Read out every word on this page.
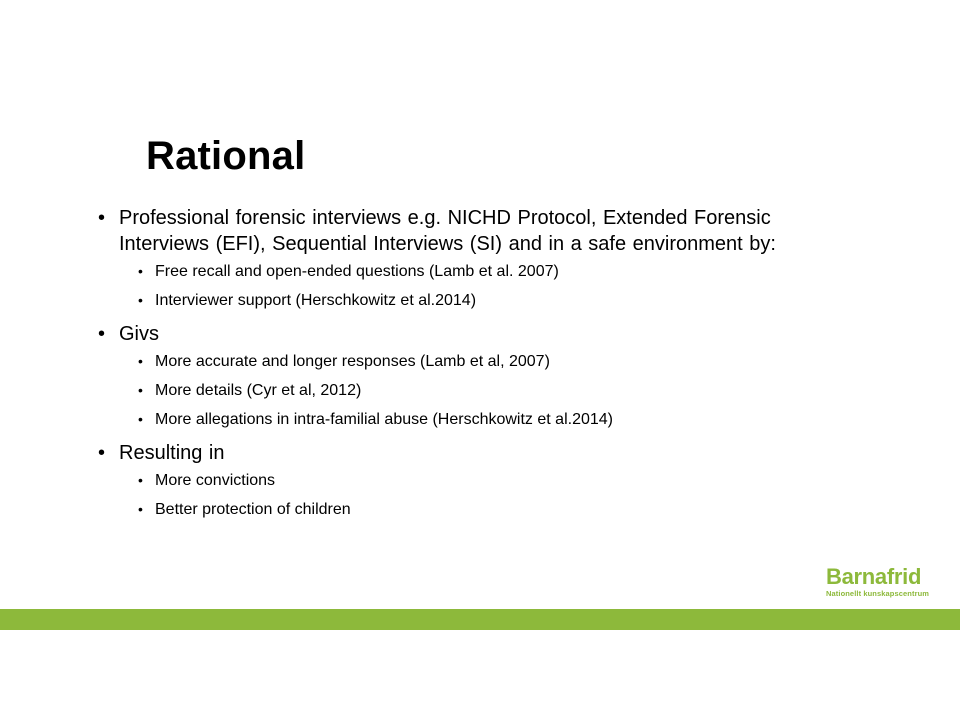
Rational
• Professional forensic interviews e.g. NICHD Protocol, Extended Forensic Interviews (EFI), Sequential Interviews (SI) and in a safe environment by:
• Free recall and open-ended questions (Lamb et al. 2007)
• Interviewer support (Herschkowitz et al.2014)
• Givs
• More accurate and longer responses (Lamb et al, 2007)
• More details (Cyr et al, 2012)
• More allegations in intra-familial abuse (Herschkowitz et al.2014)
• Resulting in
• More convictions
• Better protection of children
Barnafrid
Nationellt kunskapscentrum
